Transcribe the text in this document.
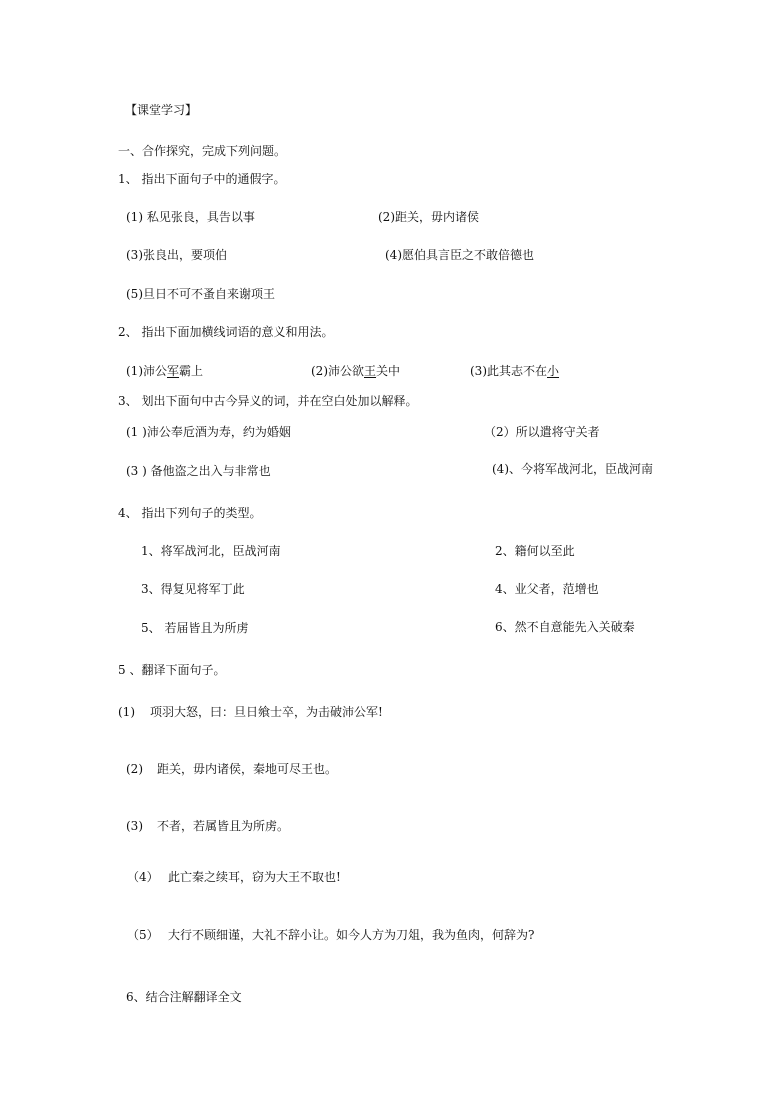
【课堂学习】
一、合作探究，完成下列问题。
1、 指出下面句子中的通假字。
(1) 私见张良，具告以事	(2)距关，毋内诸侯
(3)张良出，要项伯	(4)愿伯具言臣之不敢倍德也
(5)旦日不可不蚤自来谢项王
2、 指出下面加横线词语的意义和用法。
(1)沛公军霸上	(2)沛公欲王关中	(3)此其志不在小
3、 划出下面句中古今异义的词，并在空白处加以解释。
(1 )沛公奉卮酒为寿，约为婚姻	（2）所以遣将守关者
(3 ) 备他盗之出入与非常也	(4)、今将军战河北，臣战河南
4、 指出下列句子的类型。
1、将军战河北，臣战河南	2、籍何以至此
3、得复见将军丁此	4、业父者，范增也
5、 若届皆且为所虏	6、然不自意能先入关破秦
5 、翻译下面句子。
(1) 项羽大怒，曰：旦日飨士卒，为击破沛公军!
(2) 距关，毋内诸侯，秦地可尽王也。
(3) 不者，若属皆且为所虏。
（4） 此亡秦之续耳，窃为大王不取也!
（5） 大行不顾细谨，大礼不辞小让。如今人方为刀俎，我为鱼肉，何辞为?
6、结合注解翻译全文
